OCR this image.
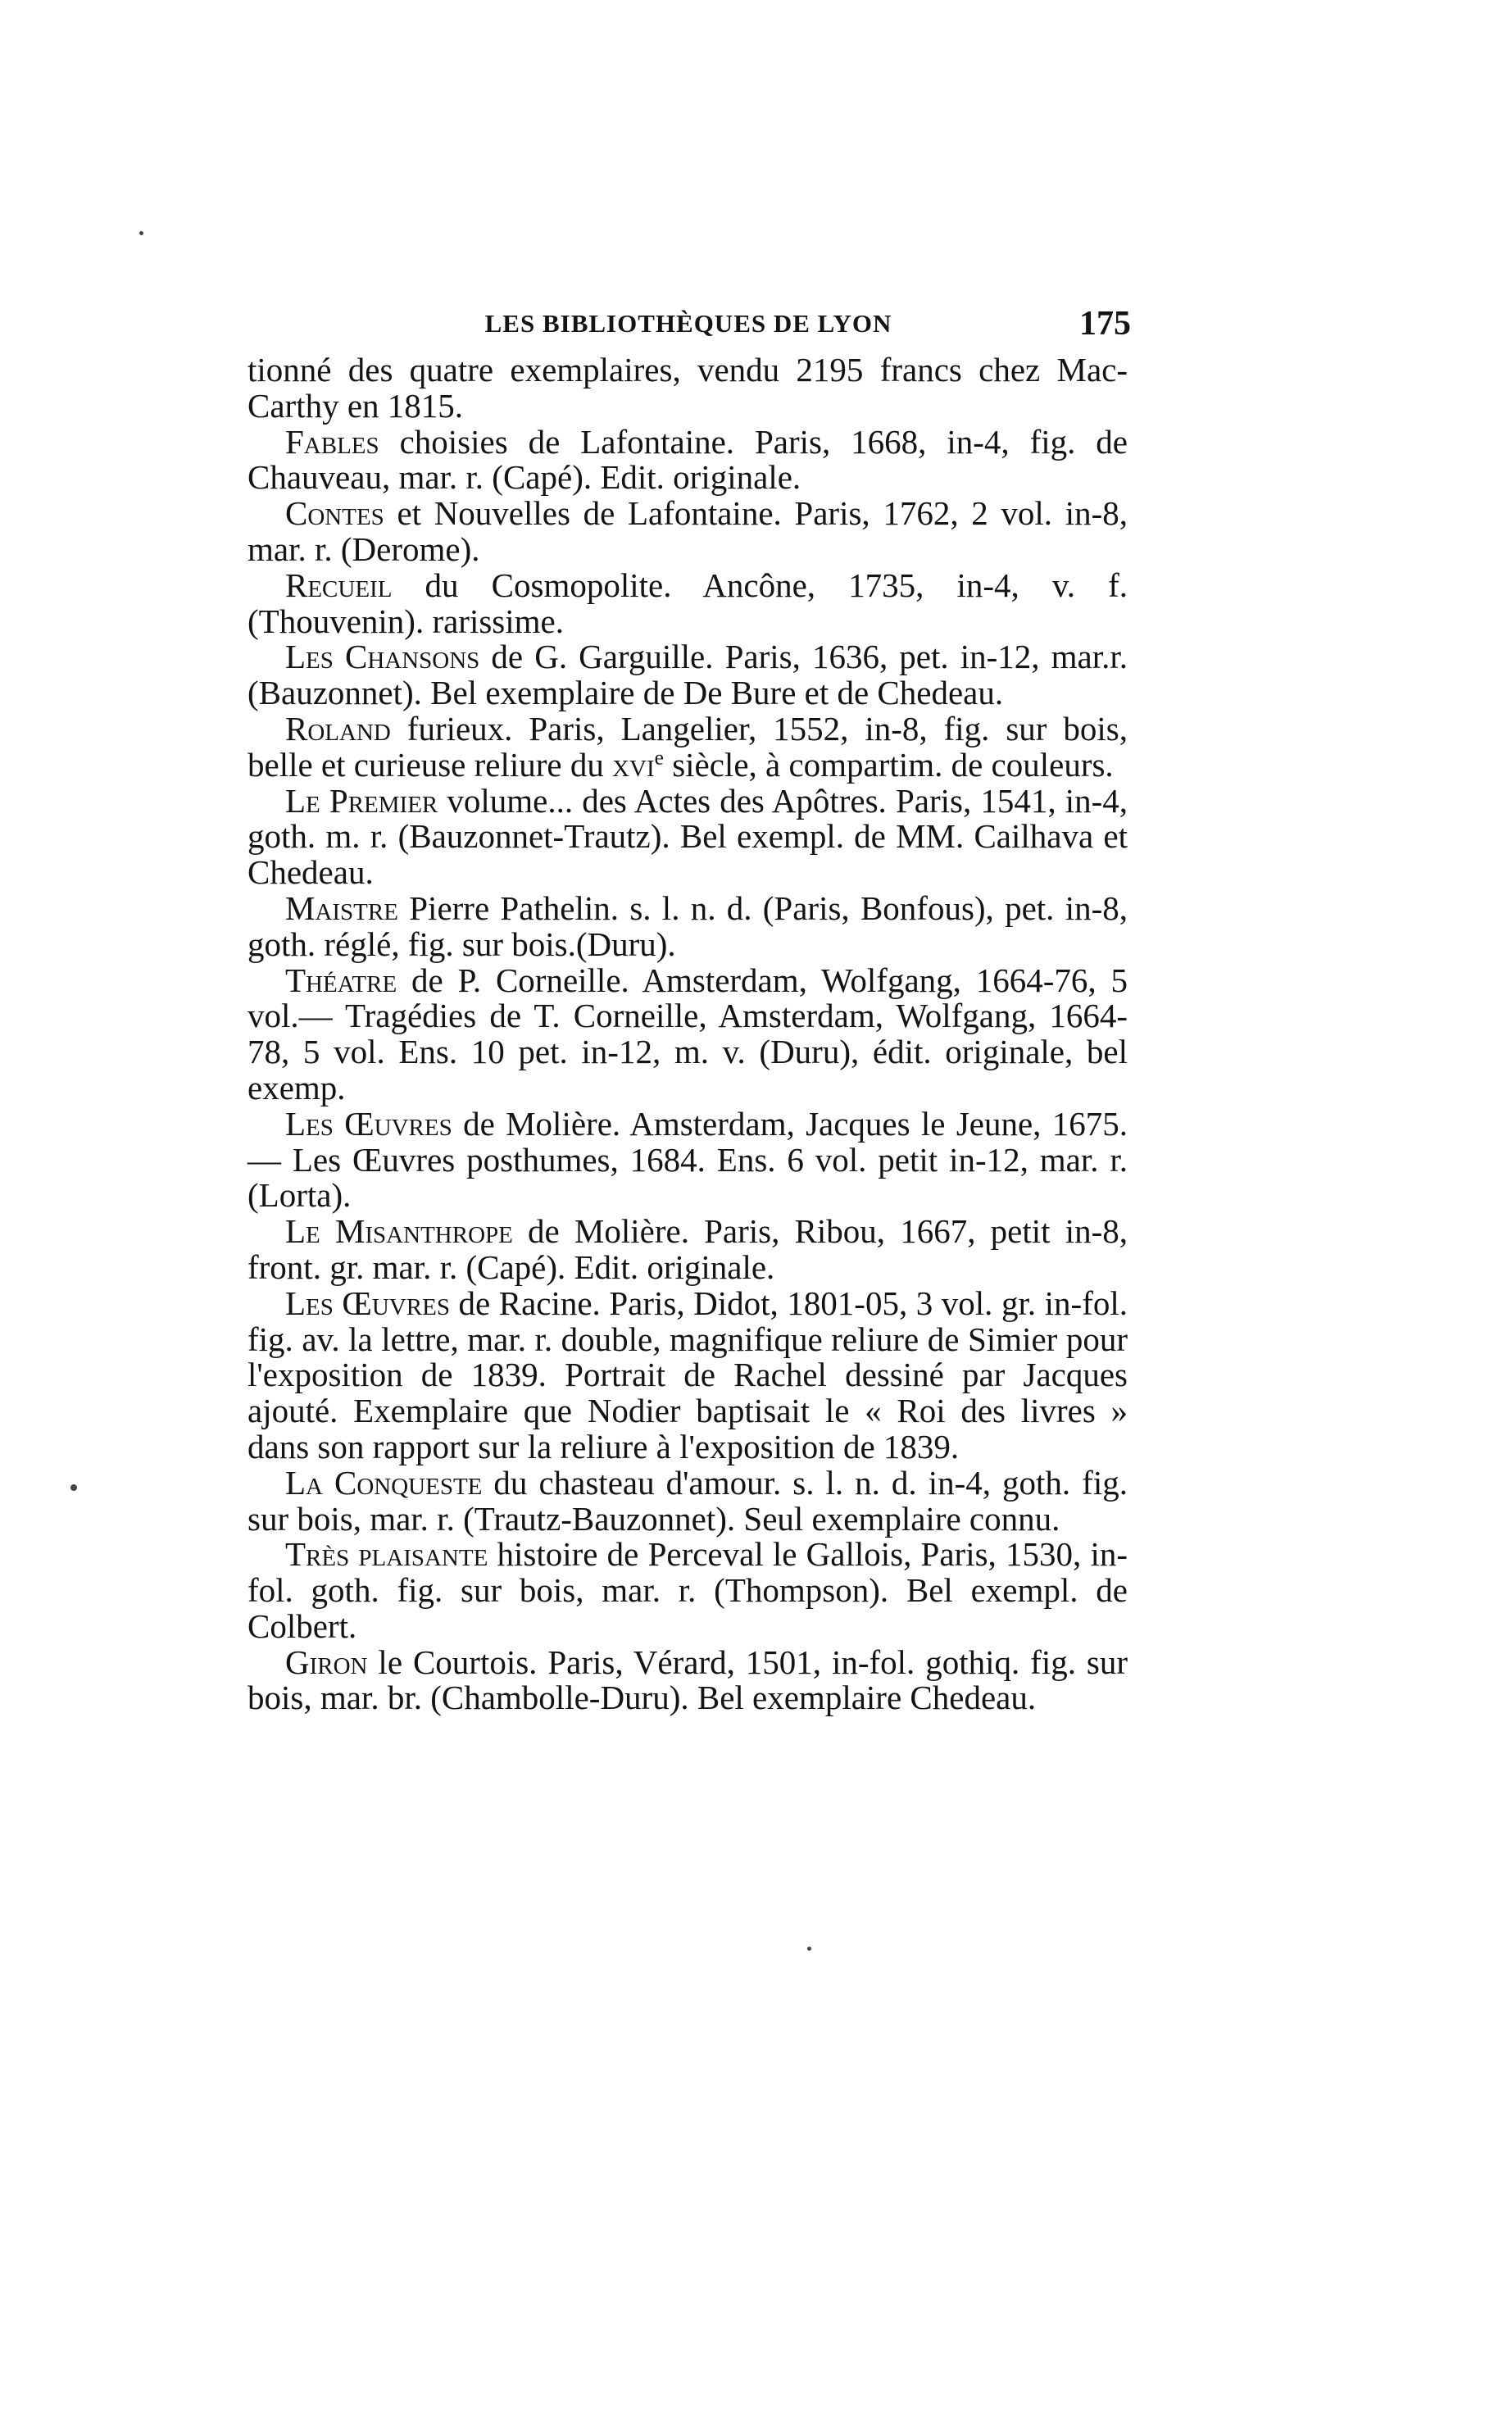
LES BIBLIOTHÈQUES DE LYON	175

tionné des quatre exemplaires, vendu 2195 francs chez Mac-Carthy en 1815.

Fables choisies de Lafontaine. Paris, 1668, in-4, fig. de Chauveau, mar. r. (Capé). Edit. originale.

Contes et Nouvelles de Lafontaine. Paris, 1762, 2 vol. in-8, mar. r. (Derome).

Recueil du Cosmopolite. Ancône, 1735, in-4, v. f. (Thouvenin). rarissime.

Les Chansons de G. Garguille. Paris, 1636, pet. in-12, mar.r. (Bauzonnet). Bel exemplaire de De Bure et de Chedeau.

Roland furieux. Paris, Langelier, 1552, in-8, fig. sur bois, belle et curieuse reliure du xvi$^e$ siècle, à compartim. de couleurs.

Le Premier volume... des Actes des Apôtres. Paris, 1541, in-4, goth. m. r. (Bauzonnet-Trautz). Bel exempl. de MM. Cailhava et Chedeau.

Maistre Pierre Pathelin. s. l. n. d. (Paris, Bonfous), pet. in-8, goth. réglé, fig. sur bois.(Duru).

Théatre de P. Corneille. Amsterdam, Wolfgang, 1664-76, 5 vol.— Tragédies de T. Corneille, Amsterdam, Wolfgang, 1664-78, 5 vol. Ens. 10 pet. in-12, m. v. (Duru), édit. originale, bel exemp.

Les Œuvres de Molière. Amsterdam, Jacques le Jeune, 1675. — Les Œuvres posthumes, 1684. Ens. 6 vol. petit in-12, mar. r. (Lorta).

Le Misanthrope de Molière. Paris, Ribou, 1667, petit in-8, front. gr. mar. r. (Capé). Edit. originale.

Les Œuvres de Racine. Paris, Didot, 1801-05, 3 vol. gr. in-fol. fig. av. la lettre, mar. r. double, magnifique reliure de Simier pour l'exposition de 1839. Portrait de Rachel dessiné par Jacques ajouté. Exemplaire que Nodier baptisait le « Roi des livres » dans son rapport sur la reliure à l'exposition de 1839.

La Conqueste du chasteau d'amour. s. l. n. d. in-4, goth. fig. sur bois, mar. r. (Trautz-Bauzonnet). Seul exemplaire connu.

Très plaisante histoire de Perceval le Gallois, Paris, 1530, in-fol. goth. fig. sur bois, mar. r. (Thompson). Bel exempl. de Colbert.

Giron le Courtois. Paris, Vérard, 1501, in-fol. gothiq. fig. sur bois, mar. br. (Chambolle-Duru). Bel exemplaire Chedeau.
